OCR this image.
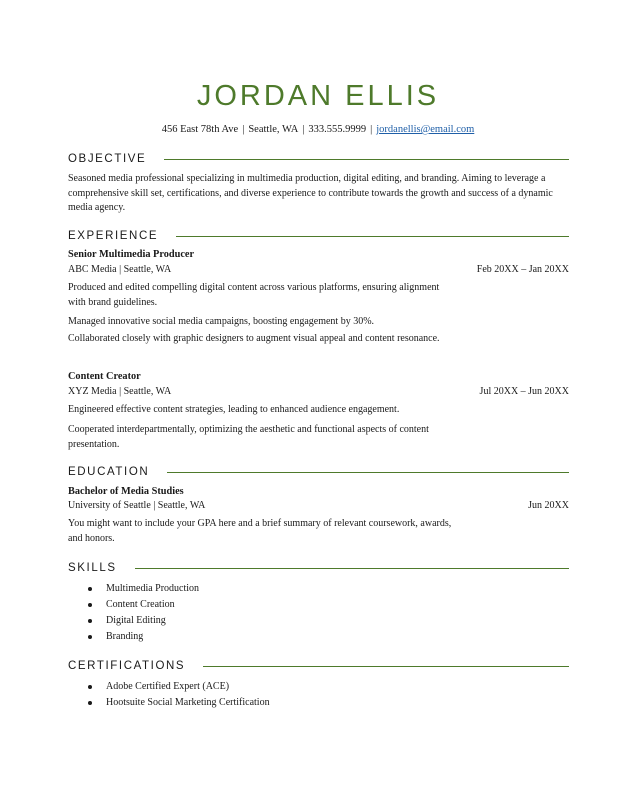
JORDAN ELLIS
456 East 78th Ave | Seattle, WA | 333.555.9999 | jordanellis@email.com
OBJECTIVE

Seasoned media professional specializing in multimedia production, digital editing, and branding. Aiming to leverage a comprehensive skill set, certifications, and diverse experience to contribute towards the growth and success of a dynamic media agency.

EXPERIENCE

Senior Multimedia Producer

ABC Media | Seattle, WA	Feb 20XX – Jan 20XX

Produced and edited compelling digital content across various platforms, ensuring alignment with brand guidelines.

Managed innovative social media campaigns, boosting engagement by 30%.

Collaborated closely with graphic designers to augment visual appeal and content resonance.

Content Creator

XYZ Media | Seattle, WA	Jul 20XX – Jun 20XX

Engineered effective content strategies, leading to enhanced audience engagement.

Cooperated interdepartmentally, optimizing the aesthetic and functional aspects of content presentation.

EDUCATION

Bachelor of Media Studies

University of Seattle | Seattle, WA	Jun 20XX

You might want to include your GPA here and a brief summary of relevant coursework, awards, and honors.

SKILLS
Multimedia Production
Content Creation
Digital Editing
Branding
CERTIFICATIONS
Adobe Certified Expert (ACE)
Hootsuite Social Marketing Certification
